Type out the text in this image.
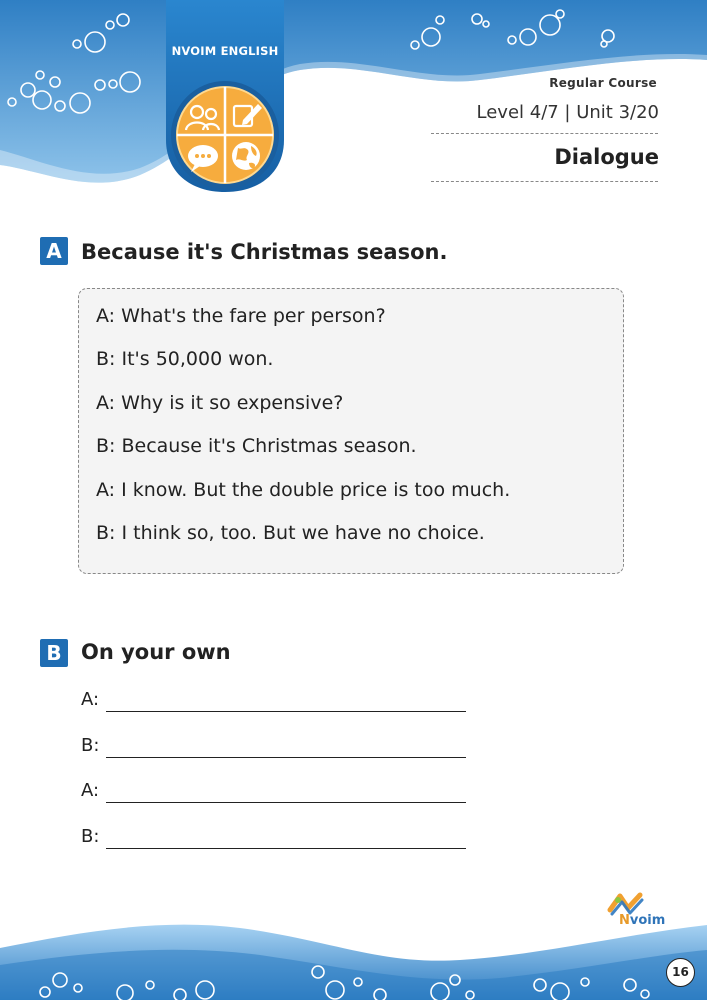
NVOIM ENGLISH
Regular Course
Level 4/7 | Unit 3/20
Dialogue
A Because it's Christmas season.
A: What's the fare per person?
B: It's 50,000 won.
A: Why is it so expensive?
B: Because it's Christmas season.
A: I know. But the double price is too much.
B: I think so, too. But we have no choice.
B On your own
A:
B:
A:
B:
Nvoim
16
